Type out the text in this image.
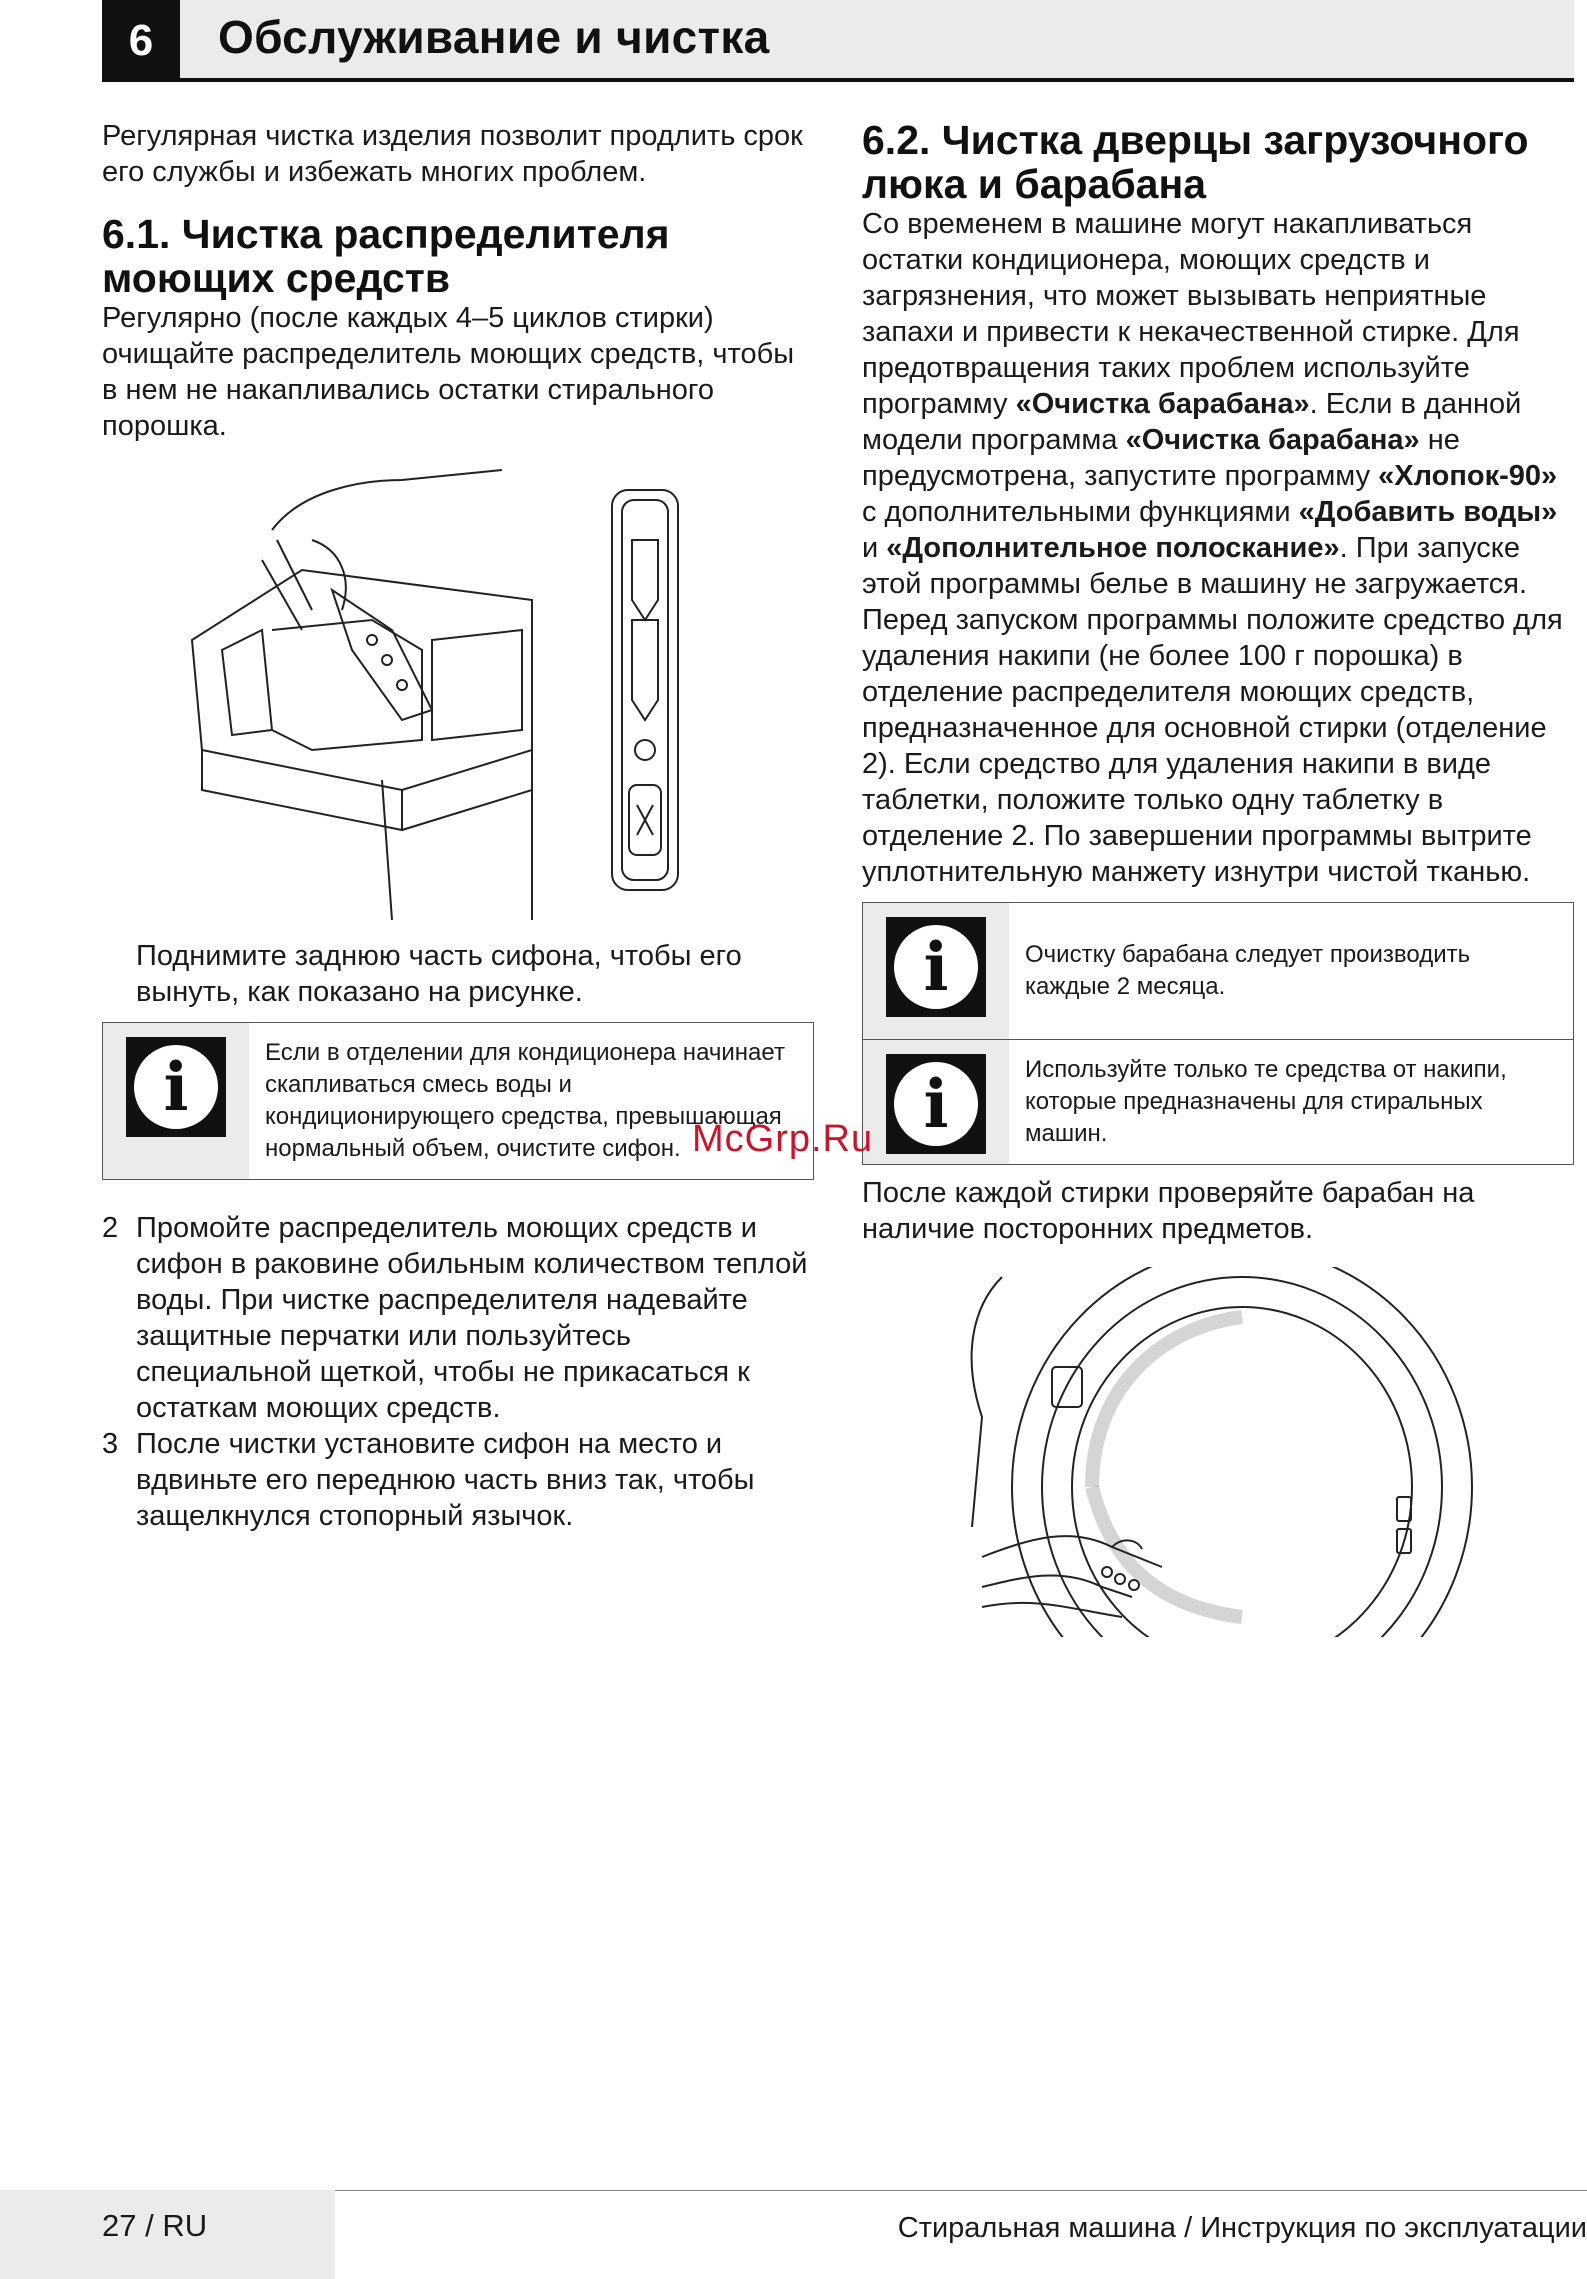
6	Обслуживание и чистка

Регулярная чистка изделия позволит продлить срок его службы и избежать многих проблем.

6.1. Чистка распределителя моющих средств

Регулярно (после каждых 4–5 циклов стирки) очищайте распределитель моющих средств, чтобы в нем не накапливались остатки стирального порошка.

Поднимите заднюю часть сифона, чтобы его вынуть, как показано на рисунке.

i	Если в отделении для кондиционера начинает скапливаться смесь воды и кондиционирующего средства, превышающая нормальный объем, очистите сифон.
2 Промойте распределитель моющих средств и сифон в раковине обильным количеством теплой воды. При чистке распределителя надевайте защитные перчатки или пользуйтесь специальной щеткой, чтобы не прикасаться к остаткам моющих средств.

3 После чистки установите сифон на место и вдвиньте его переднюю часть вниз так, чтобы защелкнулся стопорный язычок.

6.2. Чистка дверцы загрузочного люка и барабана

Со временем в машине могут накапливаться остатки кондиционера, моющих средств и загрязнения, что может вызывать неприятные запахи и привести к некачественной стирке. Для предотвращения таких проблем используйте программу «Очистка барабана». Если в данной модели программа «Очистка барабана» не предусмотрена, запустите программу «Хлопок-90» с дополнительными функциями «Добавить воды» и «Дополнительное полоскание». При запуске этой программы белье в машину не загружается. Перед запуском программы положите средство для удаления накипи (не более 100 г порошка) в отделение распределителя моющих средств, предназначенное для основной стирки (отделение 2). Если средство для удаления накипи в виде таблетки, положите только одну таблетку в отделение 2. По завершении программы вытрите уплотнительную манжету изнутри чистой тканью.

i	Очистку барабана следует производить каждые 2 месяца.
i	Используйте только те средства от накипи, которые предназначены для стиральных машин.

После каждой стирки проверяйте барабан на наличие посторонних предметов.

McGrp.Ru
27 / RU	Стиральная машина / Инструкция по эксплуатации
